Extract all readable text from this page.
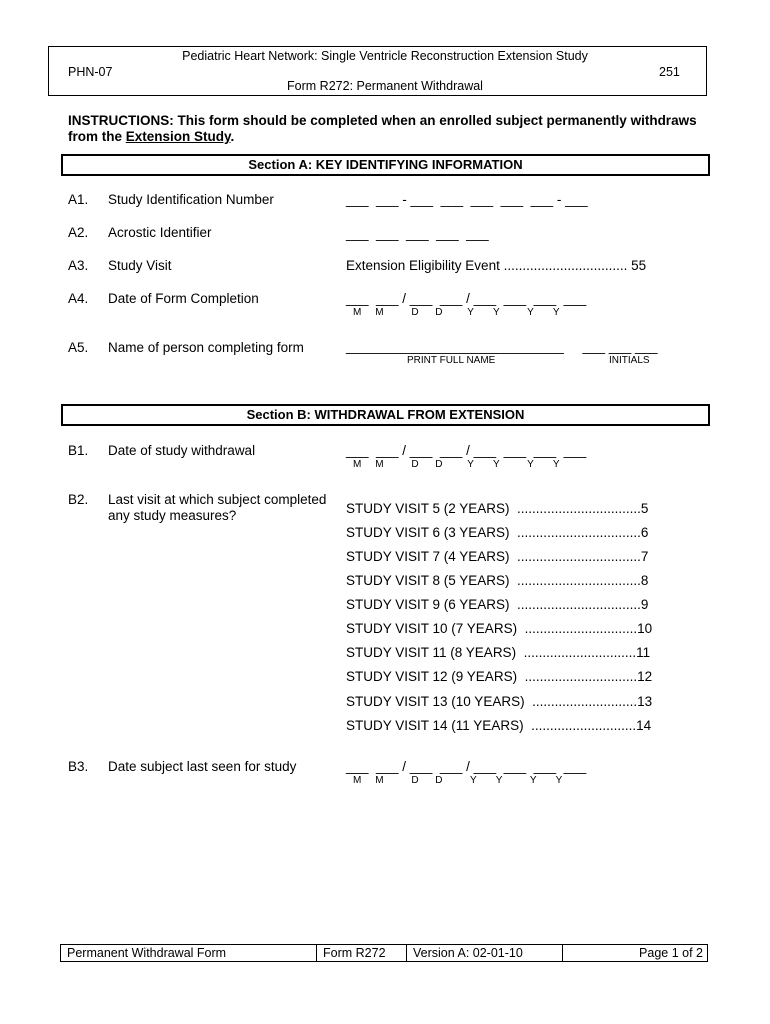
Pediatric Heart Network: Single Ventricle Reconstruction Extension Study
PHN-07	251
Form R272: Permanent Withdrawal
INSTRUCTIONS: This form should be completed when an enrolled subject permanently withdraws from the Extension Study.
Section A: KEY IDENTIFYING INFORMATION
A1. Study Identification Number	___  ___ - ___  ___  ___  ___  ___ - ___
A2. Acrostic Identifier	___  ___  ___  ___  ___
A3. Study Visit	Extension Eligibility Event ................................. 55
A4. Date of Form Completion	___  ___ / ___  ___ / ___  ___  ___  ___
M     M          D      D         Y       Y          Y       Y
A5. Name of person completing form	_____________________________     ___ ___ ___
PRINT FULL NAME	INITIALS
Section B: WITHDRAWAL FROM EXTENSION
B1. Date of study withdrawal	___  ___ / ___  ___ / ___  ___  ___  ___
M     M          D      D         Y       Y          Y       Y
B2. Last visit at which subject completed
any study measures?	STUDY VISIT 5 (2 YEARS)  .................................5
STUDY VISIT 6 (3 YEARS)  .................................6
STUDY VISIT 7 (4 YEARS)  .................................7
STUDY VISIT 8 (5 YEARS)  .................................8
STUDY VISIT 9 (6 YEARS)  .................................9
STUDY VISIT 10 (7 YEARS)  ..............................10
STUDY VISIT 11 (8 YEARS)  ..............................11
STUDY VISIT 12 (9 YEARS)  ..............................12
STUDY VISIT 13 (10 YEARS)  ............................13
STUDY VISIT 14 (11 YEARS)  ............................14
B3. Date subject last seen for study	___  ___ / ___  ___ / ___  ___  ___  ___
M     M          D      D          Y       Y          Y       Y
Permanent Withdrawal Form	Form R272	Version A: 02-01-10	Page 1 of 2
